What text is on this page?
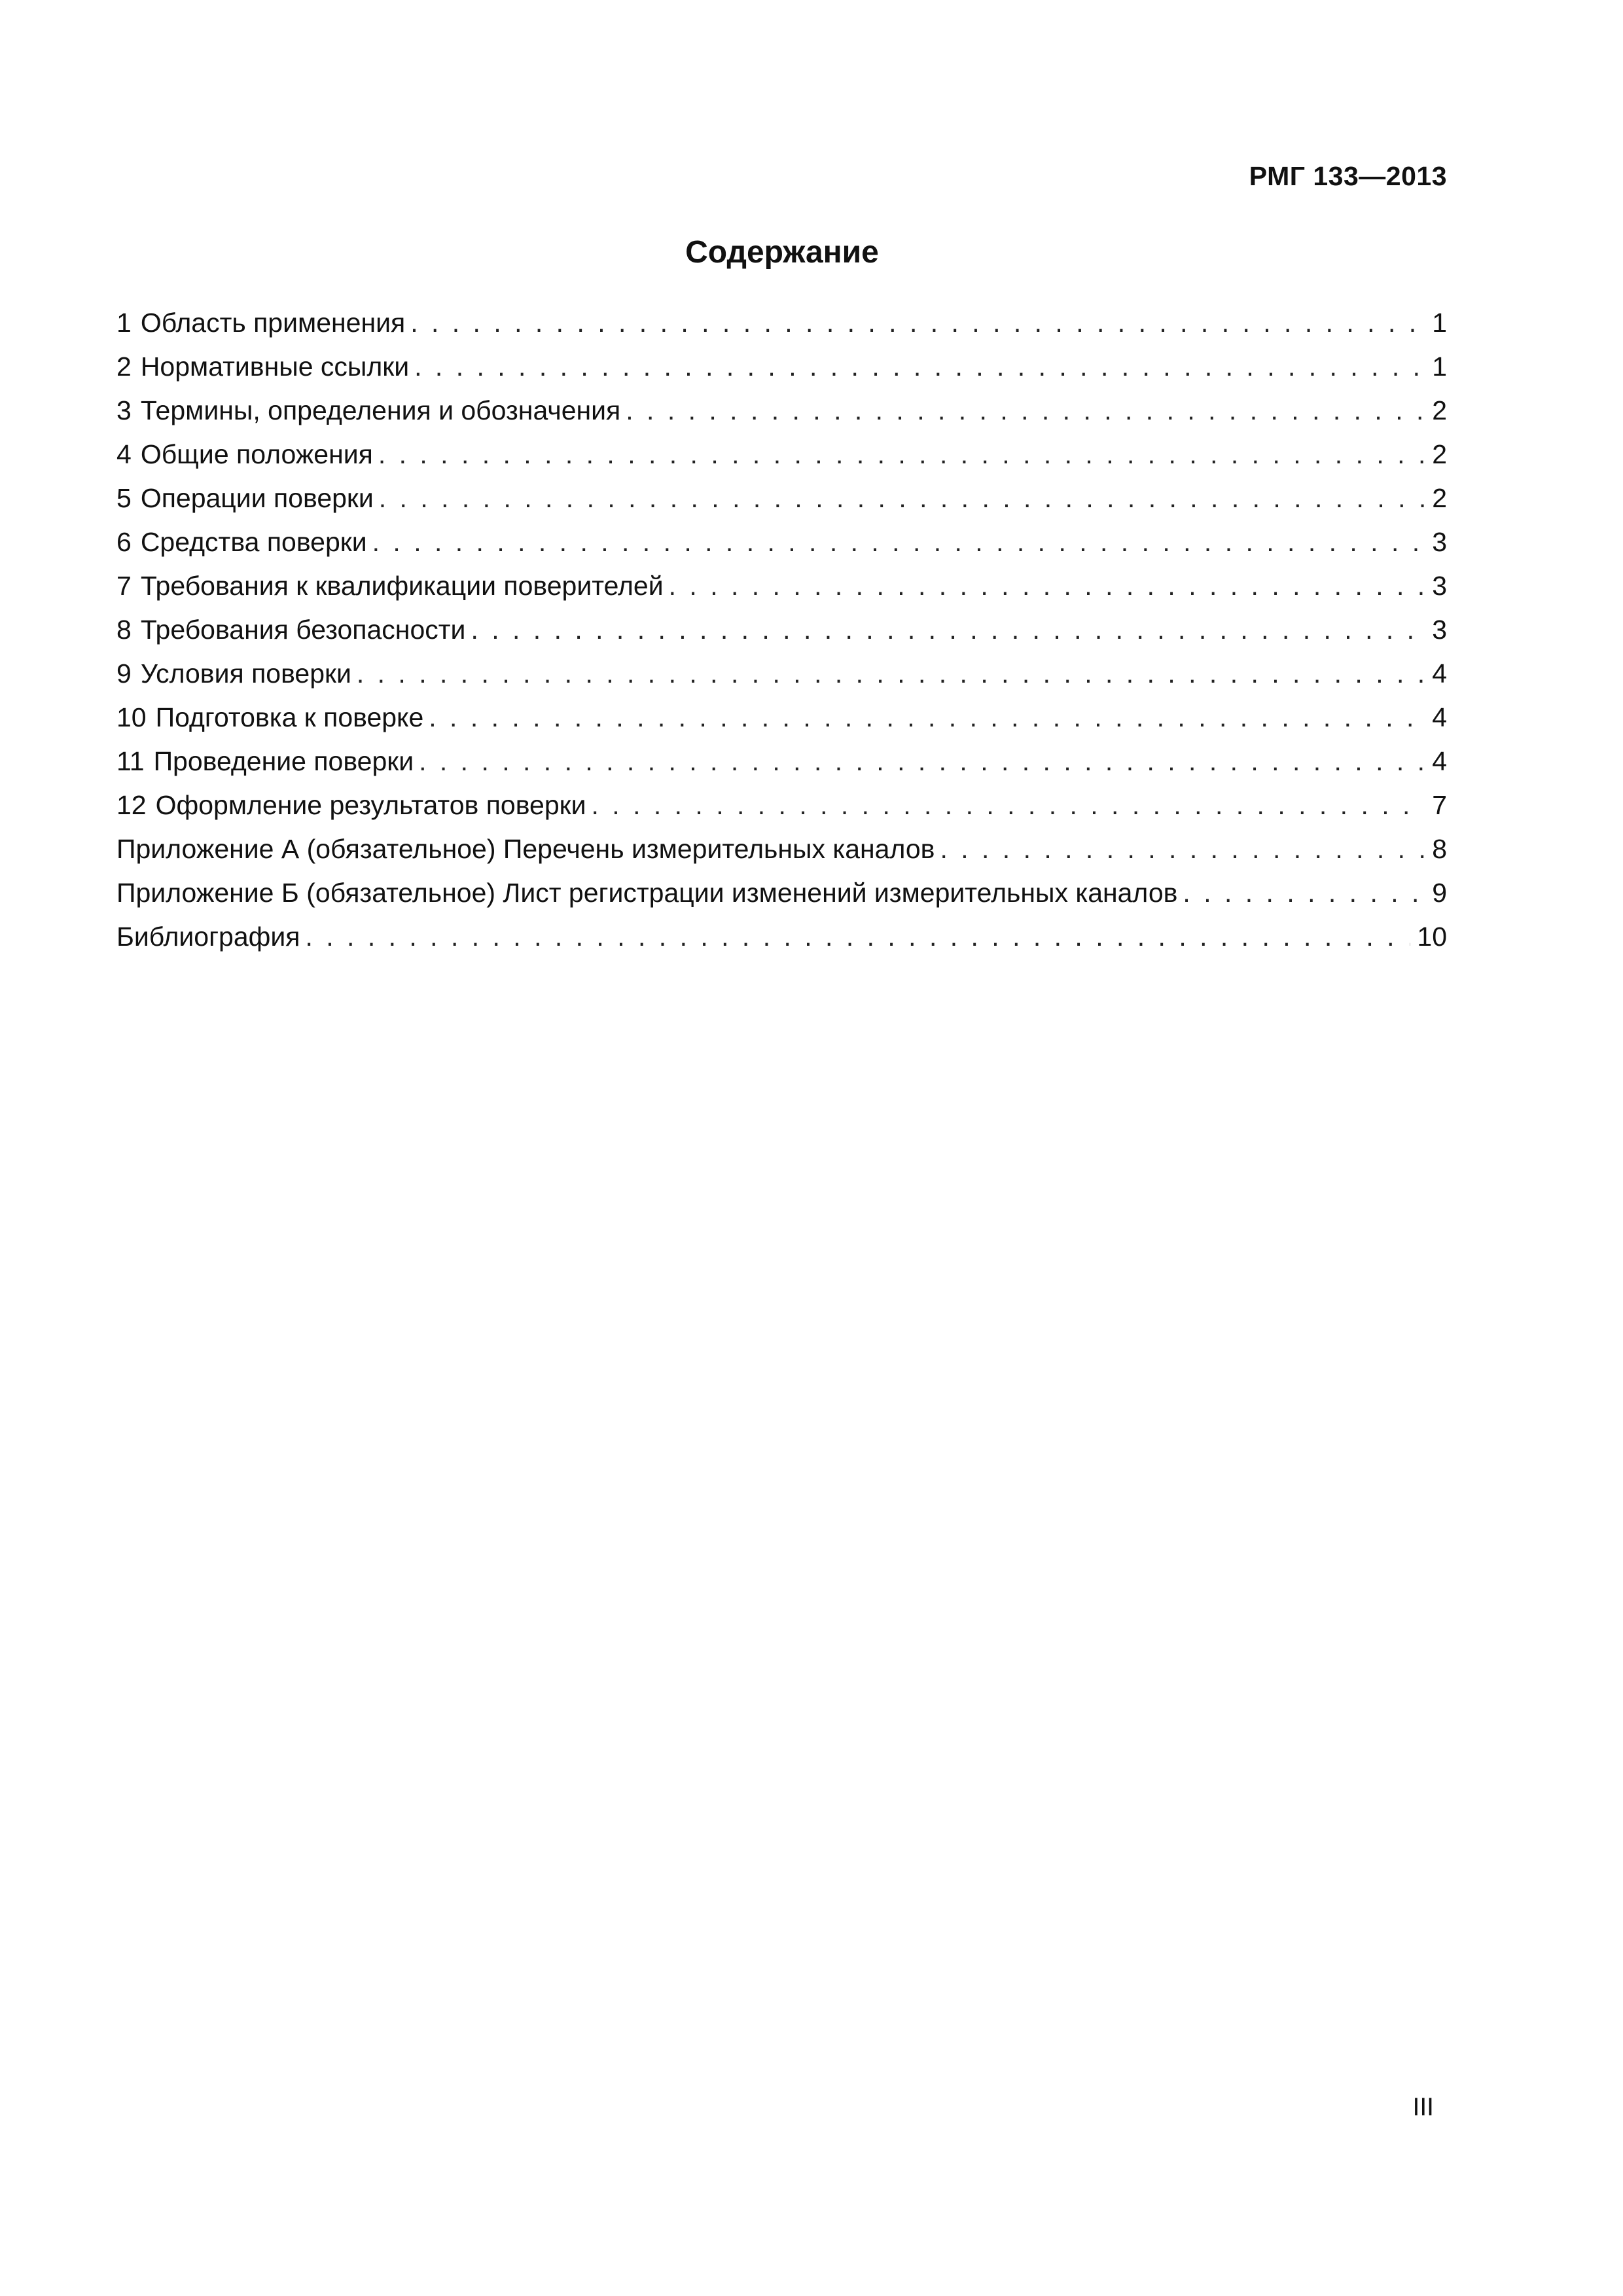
РМГ 133—2013
Содержание
1 Область применения . . .	1
2 Нормативные ссылки . . .	1
3 Термины, определения и обозначения . . .	2
4 Общие положения . . .	2
5 Операции поверки . . .	2
6 Средства поверки . . .	3
7 Требования к квалификации поверителей . . .	3
8 Требования безопасности . . .	3
9 Условия поверки . . .	4
10 Подготовка к поверке . . .	4
11 Проведение поверки . . .	4
12 Оформление результатов поверки . . .	7
Приложение А (обязательное) Перечень измерительных каналов . . .	8
Приложение Б (обязательное) Лист регистрации изменений измерительных каналов . . .	9
Библиография . . .	10
III
